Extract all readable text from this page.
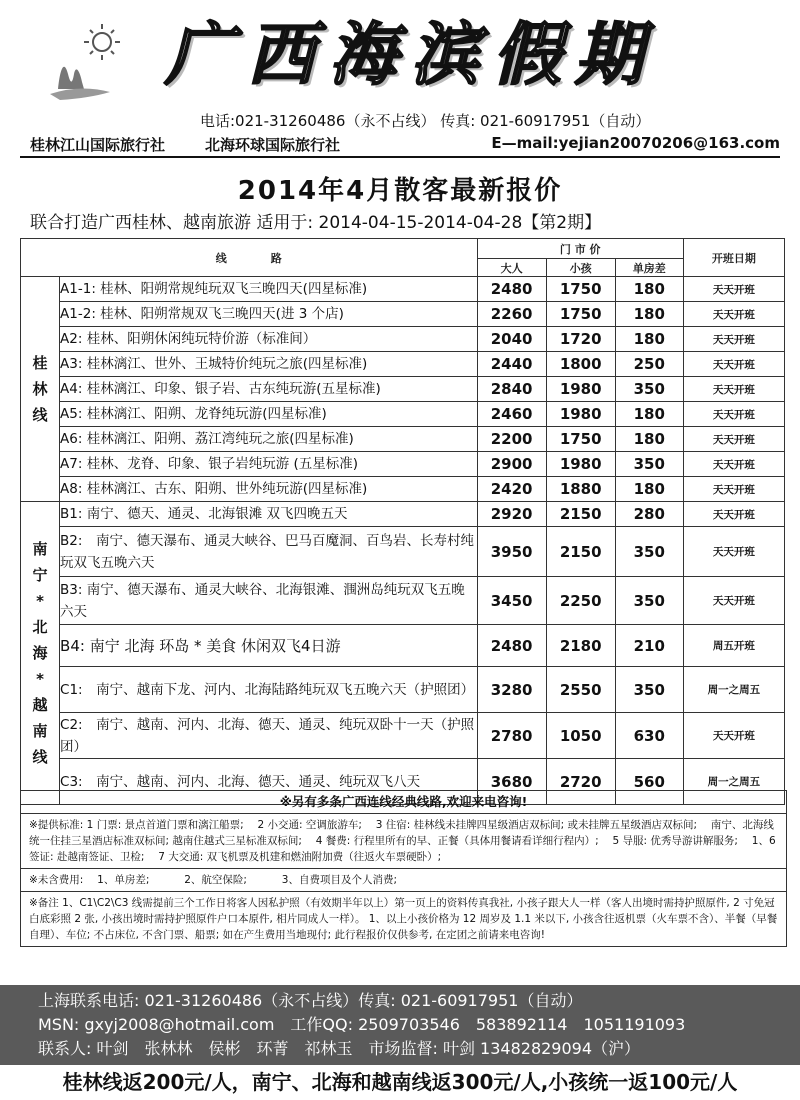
广西海滨假期
电话:021-31260486（永不占线） 传真: 021-60917951（自动）
桂林江山国际旅行社	北海环球国际旅行社	E—mail:yejian20070206@163.com
2014年4月散客最新报价
联合打造广西桂林、越南旅游 适用于: 2014-04-15-2014-04-28【第2期】
线　　　　路		门 市 价			开班日期
		大人	小孩	单房差	

桂林线	A1-1: 桂林、阳朔常规纯玩双飞三晚四天(四星标准)	2480	1750	180	天天开班
	A1-2: 桂林、阳朔常规双飞三晚四天(进 3 个店)	2260	1750	180	天天开班
	A2: 桂林、阳朔休闲纯玩特价游（标准间）	2040	1720	180	天天开班
	A3: 桂林漓江、世外、王城特价纯玩之旅(四星标准)	2440	1800	250	天天开班
	A4: 桂林漓江、印象、银子岩、古东纯玩游(五星标准)	2840	1980	350	天天开班
	A5: 桂林漓江、阳朔、龙脊纯玩游(四星标准)	2460	1980	180	天天开班
	A6: 桂林漓江、阳朔、荔江湾纯玩之旅(四星标准)	2200	1750	180	天天开班
	A7: 桂林、龙脊、印象、银子岩纯玩游 (五星标准)	2900	1980	350	天天开班
	A8: 桂林漓江、古东、阳朔、世外纯玩游(四星标准)	2420	1880	180	天天开班

南宁*北海*越南线	B1: 南宁、德天、通灵、北海银滩 双飞四晚五天	2920	2150	280	天天开班
	B2:　南宁、德天瀑布、通灵大峡谷、巴马百魔洞、百鸟岩、长寿村纯玩双飞五晚六天	3950	2150	350	天天开班
	B3: 南宁、德天瀑布、通灵大峡谷、北海银滩、涠洲岛纯玩双飞五晚六天	3450	2250	350	天天开班
	B4: 南宁 北海 环岛 * 美食 休闲双飞4日游	2480	2180	210	周五开班
	C1:　南宁、越南下龙、河内、北海陆路纯玩双飞五晚六天（护照团）	3280	2550	350	周一之周五
	C2:　南宁、越南、河内、北海、德天、通灵、纯玩双卧十一天（护照团）	2780	1050	630	天天开班
	C3:　南宁、越南、河内、北海、德天、通灵、纯玩双飞八天	3680	2720	560	周一之周五
※另有多条广西连线经典线路,欢迎来电咨询!
※提供标准: 1 门票: 景点首道门票和漓江船票; 　2 小交通: 空调旅游车; 　3 住宿: 桂林线未挂牌四星级酒店双标间; 或未挂牌五星级酒店双标间; 　南宁、北海线统一住挂三星酒店标准双标间; 越南住越式三星标准双标间; 　4 餐费: 行程里所有的早、正餐（具体用餐请看详细行程内）; 　5 导服: 优秀导游讲解服务; 　1、6 签证: 赴越南签证、卫检; 　7 大交通: 双飞机票及机建和燃油附加费（往返火车票硬卧）;
※未含费用: 　1、单房差; 　　　2、航空保险; 　　　3、自费项目及个人消费;
※备注 1、C1\C2\C3 线需提前三个工作日将客人因私护照（有效期半年以上）第一页上的资料传真我社, 小孩子跟大人一样（客人出境时需持护照原件, 2 寸免冠白底彩照 2 张, 小孩出境时需持护照原件户口本原件, 相片同成人一样）。 1、以上小孩价格为 12 周岁及 1.1 米以下, 小孩含往返机票（火车票不含）、半餐（早餐自理）、车位; 不占床位, 不含门票、船票; 如在产生费用当地现付; 此行程报价仅供参考, 在定团之前请来电咨询!
上海联系电话: 021-31260486（永不占线）传真: 021-60917951（自动）
MSN: gxyj2008@hotmail.com　工作QQ: 2509703546　583892114　1051191093
联系人: 叶剑　张林林　侯彬　环菁　祁林玉　市场监督: 叶剑 13482829094（沪）
桂林线返200元/人，南宁、北海和越南线返300元/人,小孩统一返100元/人
